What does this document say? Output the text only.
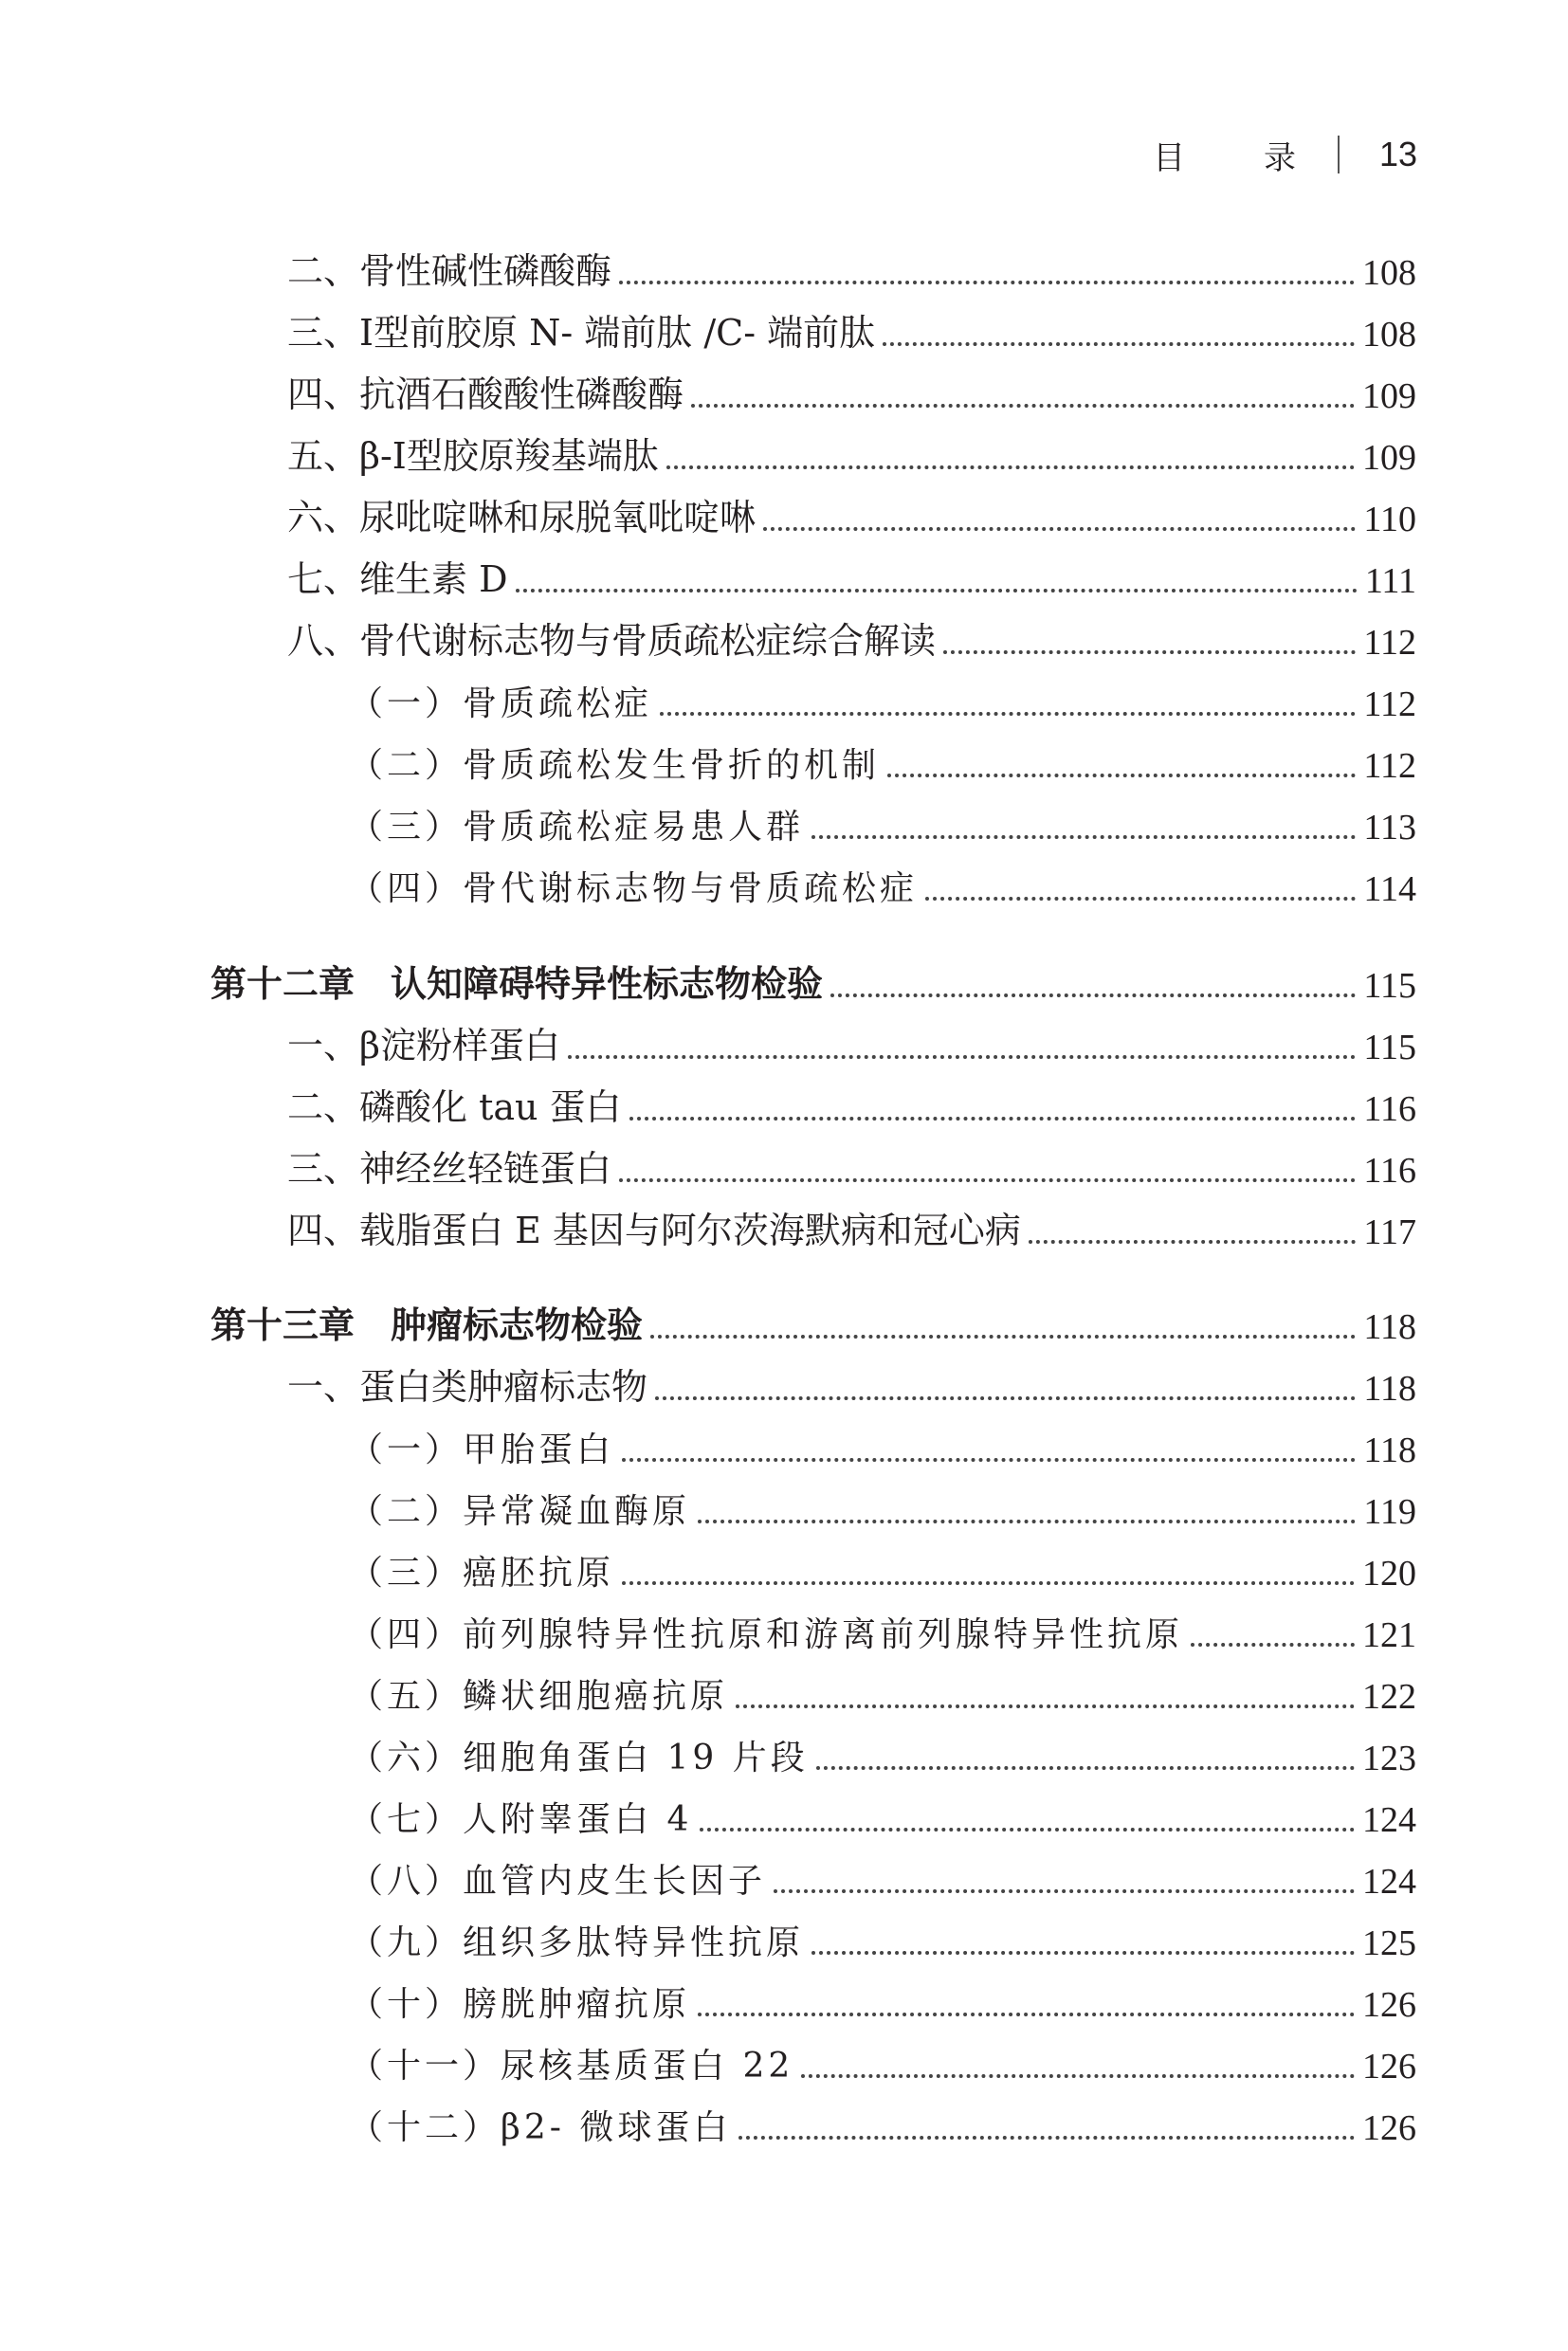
目 录 13
二、骨性碱性磷酸酶	108
三、Ⅰ型前胶原 N- 端前肽 /C- 端前肽	108
四、抗酒石酸酸性磷酸酶	109
五、β-Ⅰ型胶原羧基端肽	109
六、尿吡啶啉和尿脱氧吡啶啉	110
七、维生素 D	111
八、骨代谢标志物与骨质疏松症综合解读	112
（一）骨质疏松症	112
（二）骨质疏松发生骨折的机制	112
（三）骨质疏松症易患人群	113
（四）骨代谢标志物与骨质疏松症	114
第十二章　认知障碍特异性标志物检验	115
一、β淀粉样蛋白	115
二、磷酸化 tau 蛋白	116
三、神经丝轻链蛋白	116
四、载脂蛋白 E 基因与阿尔茨海默病和冠心病	117
第十三章　肿瘤标志物检验	118
一、蛋白类肿瘤标志物	118
（一）甲胎蛋白	118
（二）异常凝血酶原	119
（三）癌胚抗原	120
（四）前列腺特异性抗原和游离前列腺特异性抗原	121
（五）鳞状细胞癌抗原	122
（六）细胞角蛋白 19 片段	123
（七）人附睾蛋白 4	124
（八）血管内皮生长因子	124
（九）组织多肽特异性抗原	125
（十）膀胱肿瘤抗原	126
（十一）尿核基质蛋白 22	126
（十二）β2- 微球蛋白	126
